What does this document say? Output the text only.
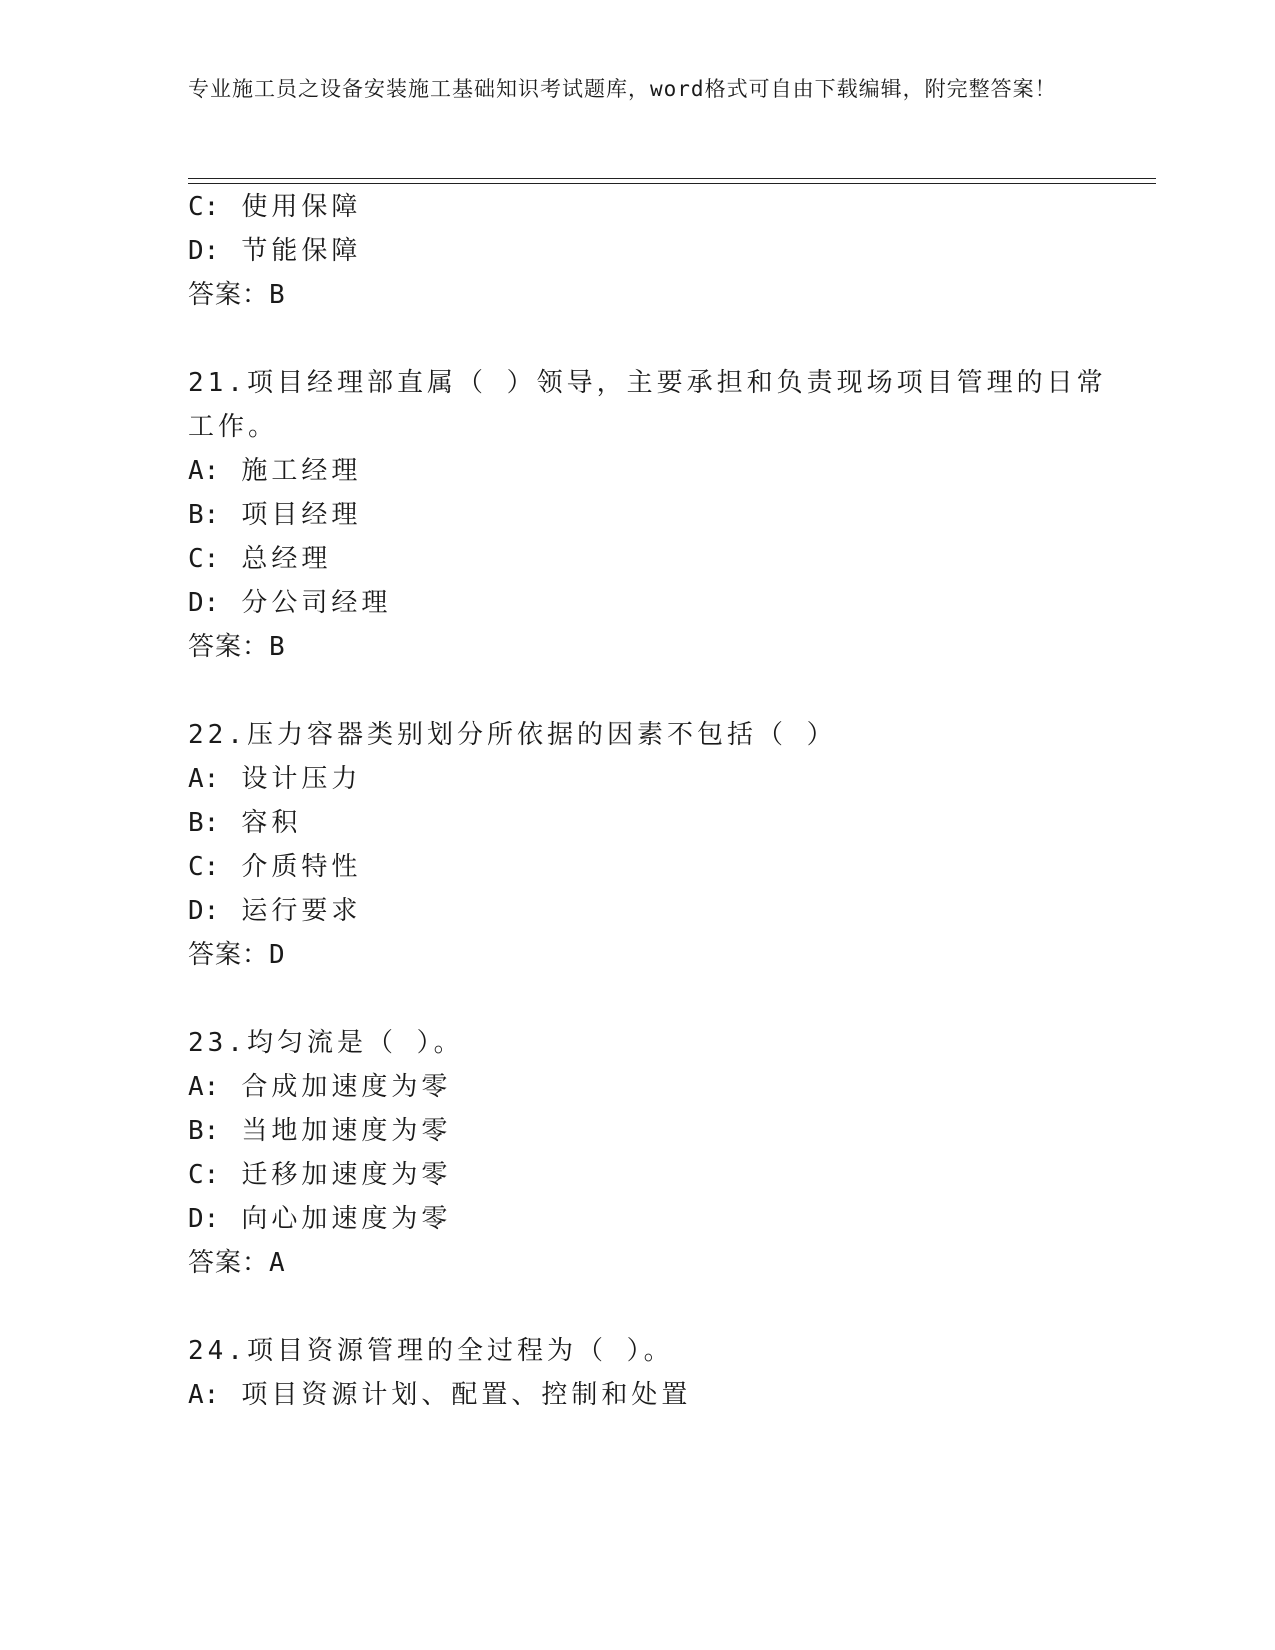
专业施工员之设备安装施工基础知识考试题库，word格式可自由下载编辑，附完整答案！
C: 使用保障
D: 节能保障
答案：B
21.项目经理部直属（ ）领导，主要承担和负责现场项目管理的日常
工作。
A: 施工经理
B: 项目经理
C: 总经理
D: 分公司经理
答案：B
22.压力容器类别划分所依据的因素不包括（ ）
A: 设计压力
B: 容积
C: 介质特性
D: 运行要求
答案：D
23.均匀流是（ ）。
A: 合成加速度为零
B: 当地加速度为零
C: 迁移加速度为零
D: 向心加速度为零
答案：A
24.项目资源管理的全过程为（ ）。
A: 项目资源计划、配置、控制和处置
